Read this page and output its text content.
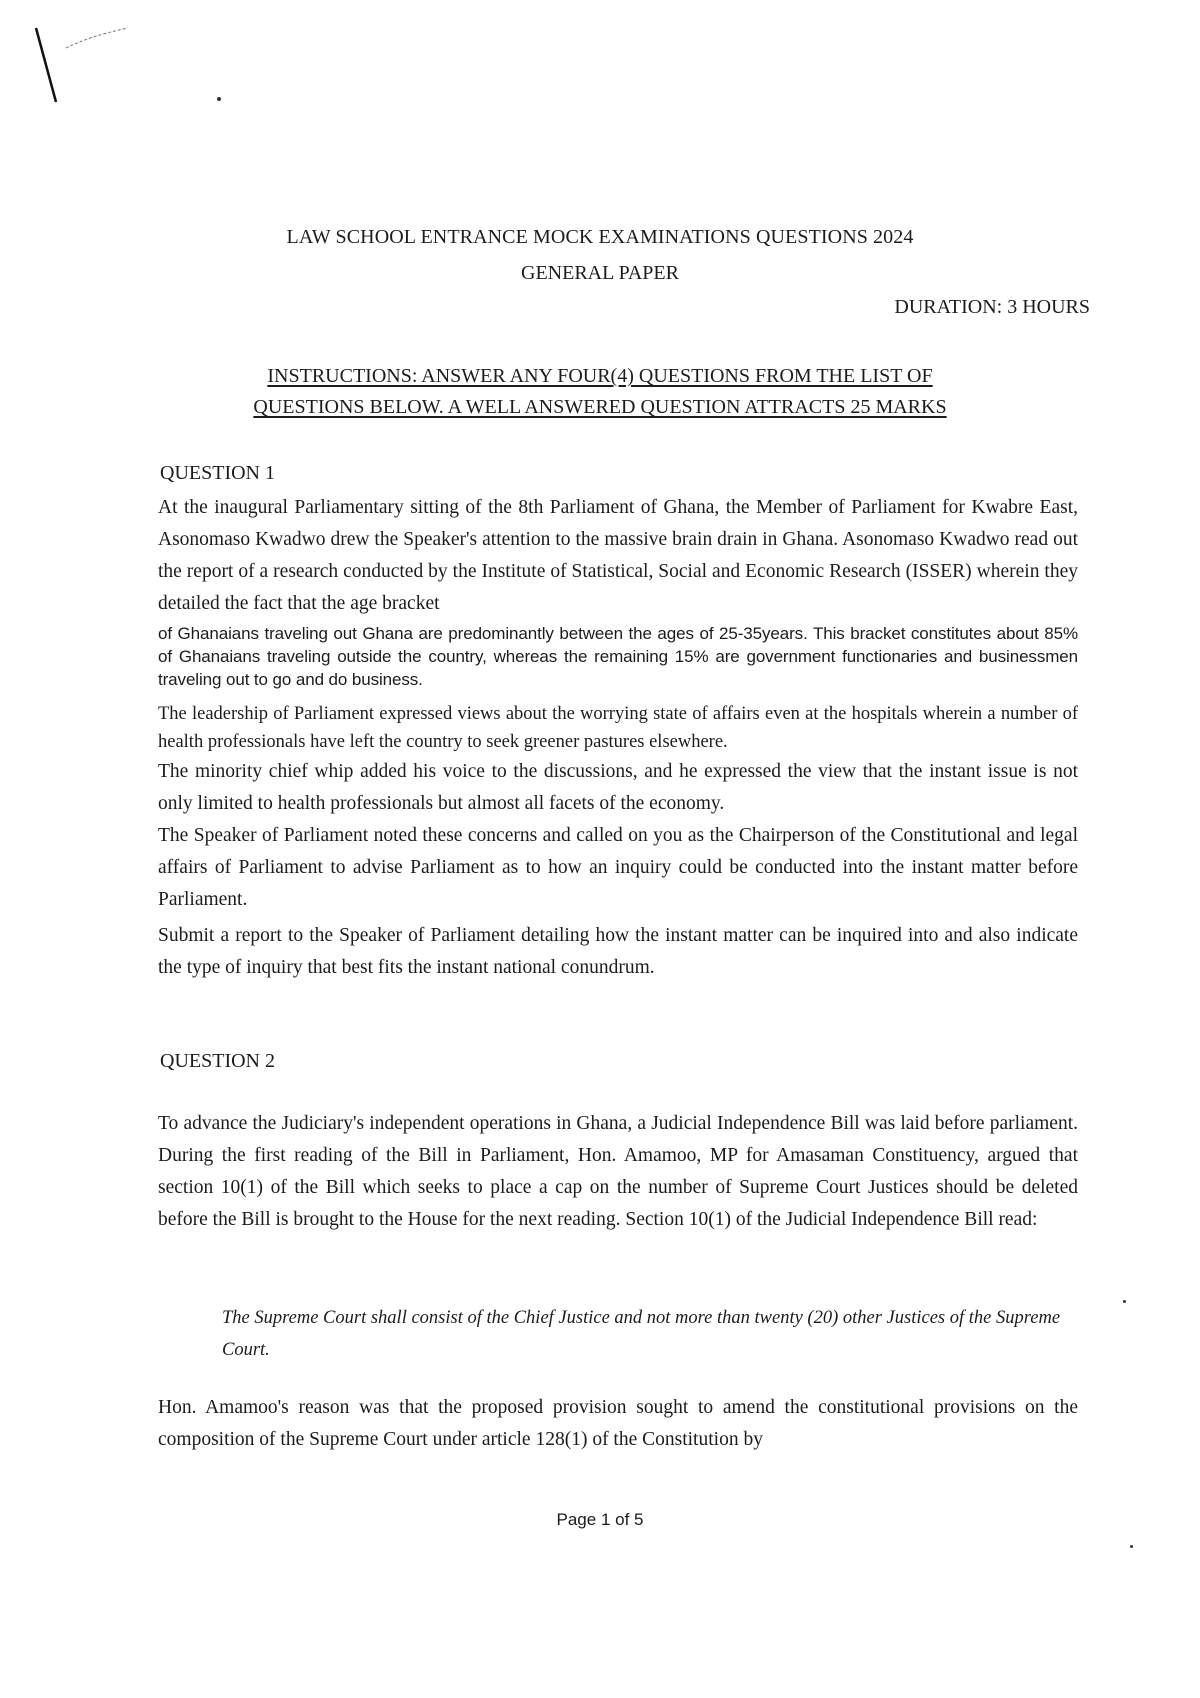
LAW SCHOOL ENTRANCE MOCK EXAMINATIONS QUESTIONS 2024
GENERAL PAPER
DURATION: 3 HOURS
INSTRUCTIONS: ANSWER ANY FOUR(4) QUESTIONS FROM THE LIST OF
QUESTIONS BELOW. A WELL ANSWERED QUESTION ATTRACTS 25 MARKS
QUESTION 1
At the inaugural Parliamentary sitting of the 8th Parliament of Ghana, the Member of Parliament for Kwabre East, Asonomaso Kwadwo drew the Speaker's attention to the massive brain drain in Ghana. Asonomaso Kwadwo read out the report of a research conducted by the Institute of Statistical, Social and Economic Research (ISSER) wherein they detailed the fact that the age bracket
of Ghanaians traveling out Ghana are predominantly between the ages of 25-35years. This bracket constitutes about 85% of Ghanaians traveling outside the country, whereas the remaining 15% are government functionaries and businessmen traveling out to go and do business.
The leadership of Parliament expressed views about the worrying state of affairs even at the hospitals wherein a number of health professionals have left the country to seek greener pastures elsewhere.
The minority chief whip added his voice to the discussions, and he expressed the view that the instant issue is not only limited to health professionals but almost all facets of the economy.
The Speaker of Parliament noted these concerns and called on you as the Chairperson of the Constitutional and legal affairs of Parliament to advise Parliament as to how an inquiry could be conducted into the instant matter before Parliament.
Submit a report to the Speaker of Parliament detailing how the instant matter can be inquired into and also indicate the type of inquiry that best fits the instant national conundrum.
QUESTION 2
To advance the Judiciary's independent operations in Ghana, a Judicial Independence Bill was laid before parliament. During the first reading of the Bill in Parliament, Hon. Amamoo, MP for Amasaman Constituency, argued that section 10(1) of the Bill which seeks to place a cap on the number of Supreme Court Justices should be deleted before the Bill is brought to the House for the next reading. Section 10(1) of the Judicial Independence Bill read:
The Supreme Court shall consist of the Chief Justice and not more than twenty (20) other Justices of the Supreme Court.
Hon. Amamoo's reason was that the proposed provision sought to amend the constitutional provisions on the composition of the Supreme Court under article 128(1) of the Constitution by
Page 1 of 5
